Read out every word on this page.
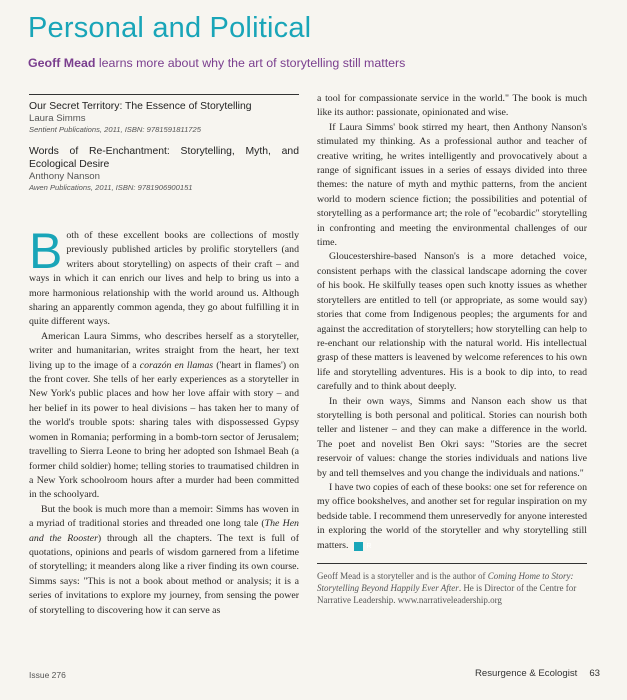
Personal and Political

Geoff Mead learns more about why the art of storytelling still matters

Our Secret Territory: The Essence of Storytelling
Laura Simms
Sentient Publications, 2011, ISBN: 9781591811725
Words of Re-Enchantment: Storytelling, Myth, and Ecological Desire
Anthony Nanson
Awen Publications, 2011, ISBN: 9781906900151

Both of these excellent books are collections of mostly previously published articles by prolific storytellers (and writers about storytelling) on aspects of their craft – and ways in which it can enrich our lives and help to bring us into a more harmonious relationship with the world around us. Although sharing an apparently common agenda, they go about fulfilling it in quite different ways.

American Laura Simms, who describes herself as a storyteller, writer and humanitarian, writes straight from the heart, her text living up to the image of a corazón en llamas ('heart in flames') on the front cover. She tells of her early experiences as a storyteller in New York's public places and how her love affair with story – and her belief in its power to heal divisions – has taken her to many of the world's trouble spots: sharing tales with dispossessed Gypsy women in Romania; performing in a bomb-torn sector of Jerusalem; travelling to Sierra Leone to bring her adopted son Ishmael Beah (a former child soldier) home; telling stories to traumatised children in a New York schoolroom hours after a murder had been committed in the schoolyard.

But the book is much more than a memoir: Simms has woven in a myriad of traditional stories and threaded one long tale (The Hen and the Rooster) through all the chapters. The text is full of quotations, opinions and pearls of wisdom garnered from a lifetime of storytelling; it meanders along like a river finding its own course. Simms says: "This is not a book about method or analysis; it is a series of invitations to explore my journey, from sensing the power of storytelling to discovering how it can serve as

a tool for compassionate service in the world." The book is much like its author: passionate, opinionated and wise.

If Laura Simms' book stirred my heart, then Anthony Nanson's stimulated my thinking. As a professional author and teacher of creative writing, he writes intelligently and provocatively about a range of significant issues in a series of essays divided into three themes: the nature of myth and mythic patterns, from the ancient world to modern science fiction; the possibilities and potential of storytelling as a performance art; the role of "ecobardic" storytelling in confronting and meeting the environmental challenges of our time.

Gloucestershire-based Nanson's is a more detached voice, consistent perhaps with the classical landscape adorning the cover of his book. He skilfully teases open such knotty issues as whether storytellers are entitled to tell (or appropriate, as some would say) stories that come from Indigenous peoples; the arguments for and against the accreditation of storytellers; how storytelling can help to re-enchant our relationship with the natural world. His intellectual grasp of these matters is leavened by welcome references to his own life and storytelling adventures. His is a book to dip into, to read carefully and to think about deeply.

In their own ways, Simms and Nanson each show us that storytelling is both personal and political. Stories can nourish both teller and listener – and they can make a difference in the world. The poet and novelist Ben Okri says: "Stories are the secret reservoir of values: change the stories individuals and nations live by and tell themselves and you change the individuals and nations."

I have two copies of each of these books: one set for reference on my office bookshelves, and another set for regular inspiration on my bedside table. I recommend them unreservedly for anyone interested in exploring the world of the storyteller and why storytelling still matters.	R

Geoff Mead is a storyteller and is the author of Coming Home to Story: Storytelling Beyond Happily Ever After. He is Director of the Centre for Narrative Leadership. www.narrativeleadership.org
Issue 276	Resurgence & Ecologist 63
